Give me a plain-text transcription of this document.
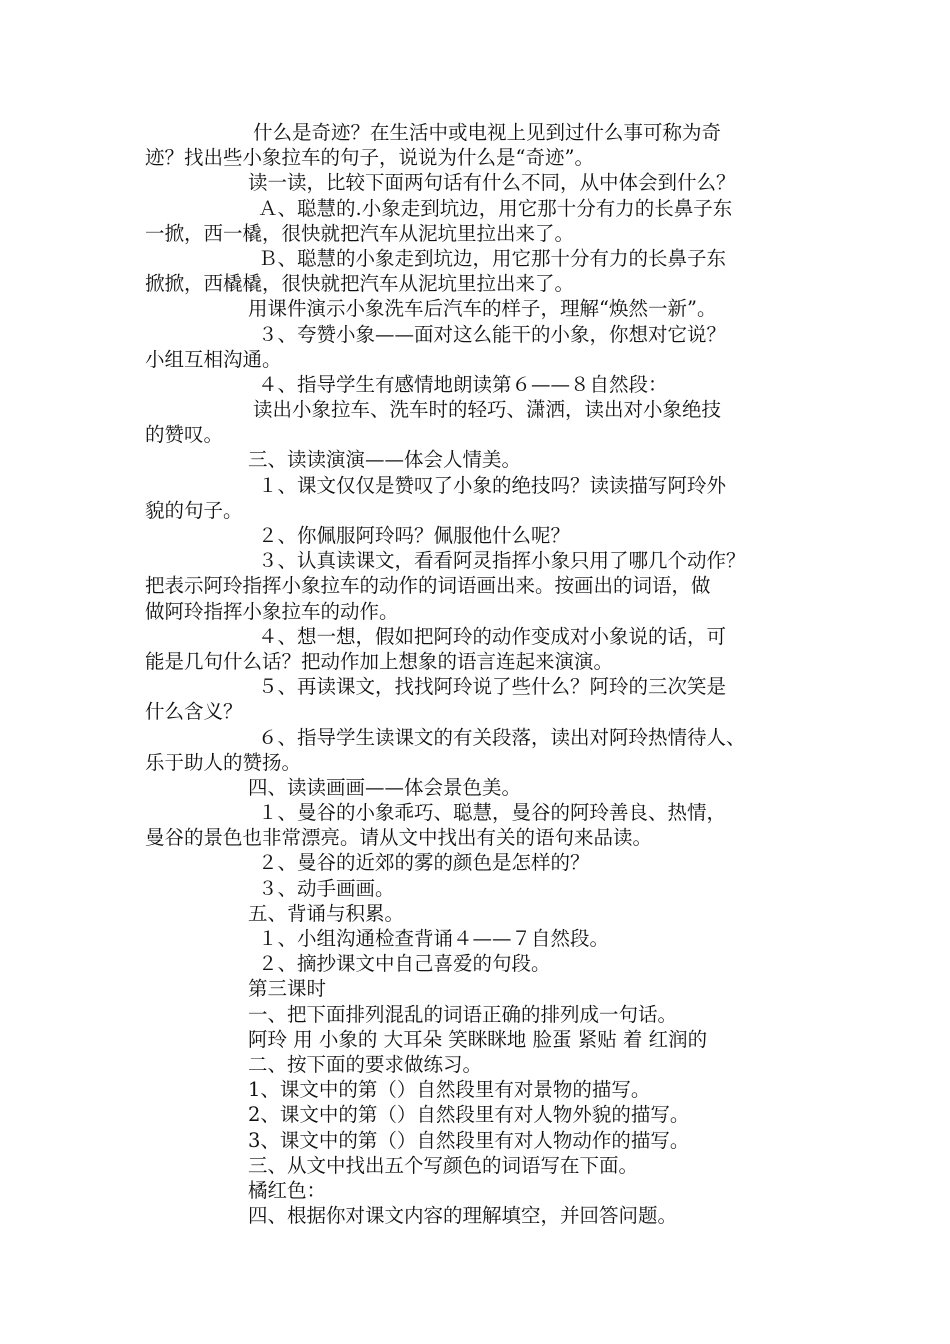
什么是奇迹？在生活中或电视上见到过什么事可称为奇
迹？找出些小象拉车的句子，说说为什么是“奇迹”。
读一读，比较下面两句话有什么不同，从中体会到什么？
Ａ、聪慧的.小象走到坑边，用它那十分有力的长鼻子东
一掀，西一橇，很快就把汽车从泥坑里拉出来了。
Ｂ、聪慧的小象走到坑边，用它那十分有力的长鼻子东
掀掀，西橇橇，很快就把汽车从泥坑里拉出来了。
用课件演示小象洗车后汽车的样子，理解“焕然一新”。
３、夸赞小象——面对这么能干的小象，你想对它说？
小组互相沟通。
４、指导学生有感情地朗读第６——８自然段：
读出小象拉车、洗车时的轻巧、潇洒，读出对小象绝技
的赞叹。
三、读读演演——体会人情美。
１、课文仅仅是赞叹了小象的绝技吗？读读描写阿玲外
貌的句子。
２、你佩服阿玲吗？佩服他什么呢？
３、认真读课文，看看阿灵指挥小象只用了哪几个动作？
把表示阿玲指挥小象拉车的动作的词语画出来。按画出的词语，做
做阿玲指挥小象拉车的动作。
４、想一想，假如把阿玲的动作变成对小象说的话，可
能是几句什么话？把动作加上想象的语言连起来演演。
５、再读课文，找找阿玲说了些什么？阿玲的三次笑是
什么含义？
６、指导学生读课文的有关段落，读出对阿玲热情待人、
乐于助人的赞扬。
四、读读画画——体会景色美。
１、曼谷的小象乖巧、聪慧，曼谷的阿玲善良、热情，
曼谷的景色也非常漂亮。请从文中找出有关的语句来品读。
２、曼谷的近郊的雾的颜色是怎样的？
３、动手画画。
五、背诵与积累。
１、小组沟通检查背诵４——７自然段。
２、摘抄课文中自己喜爱的句段。
第三课时
一、把下面排列混乱的词语正确的排列成一句话。
阿玲 用 小象的 大耳朵 笑眯眯地 脸蛋 紧贴 着 红润的
二、按下面的要求做练习。
1、课文中的第（）自然段里有对景物的描写。
2、课文中的第（）自然段里有对人物外貌的描写。
3、课文中的第（）自然段里有对人物动作的描写。
三、从文中找出五个写颜色的词语写在下面。
橘红色：
四、根据你对课文内容的理解填空，并回答问题。
